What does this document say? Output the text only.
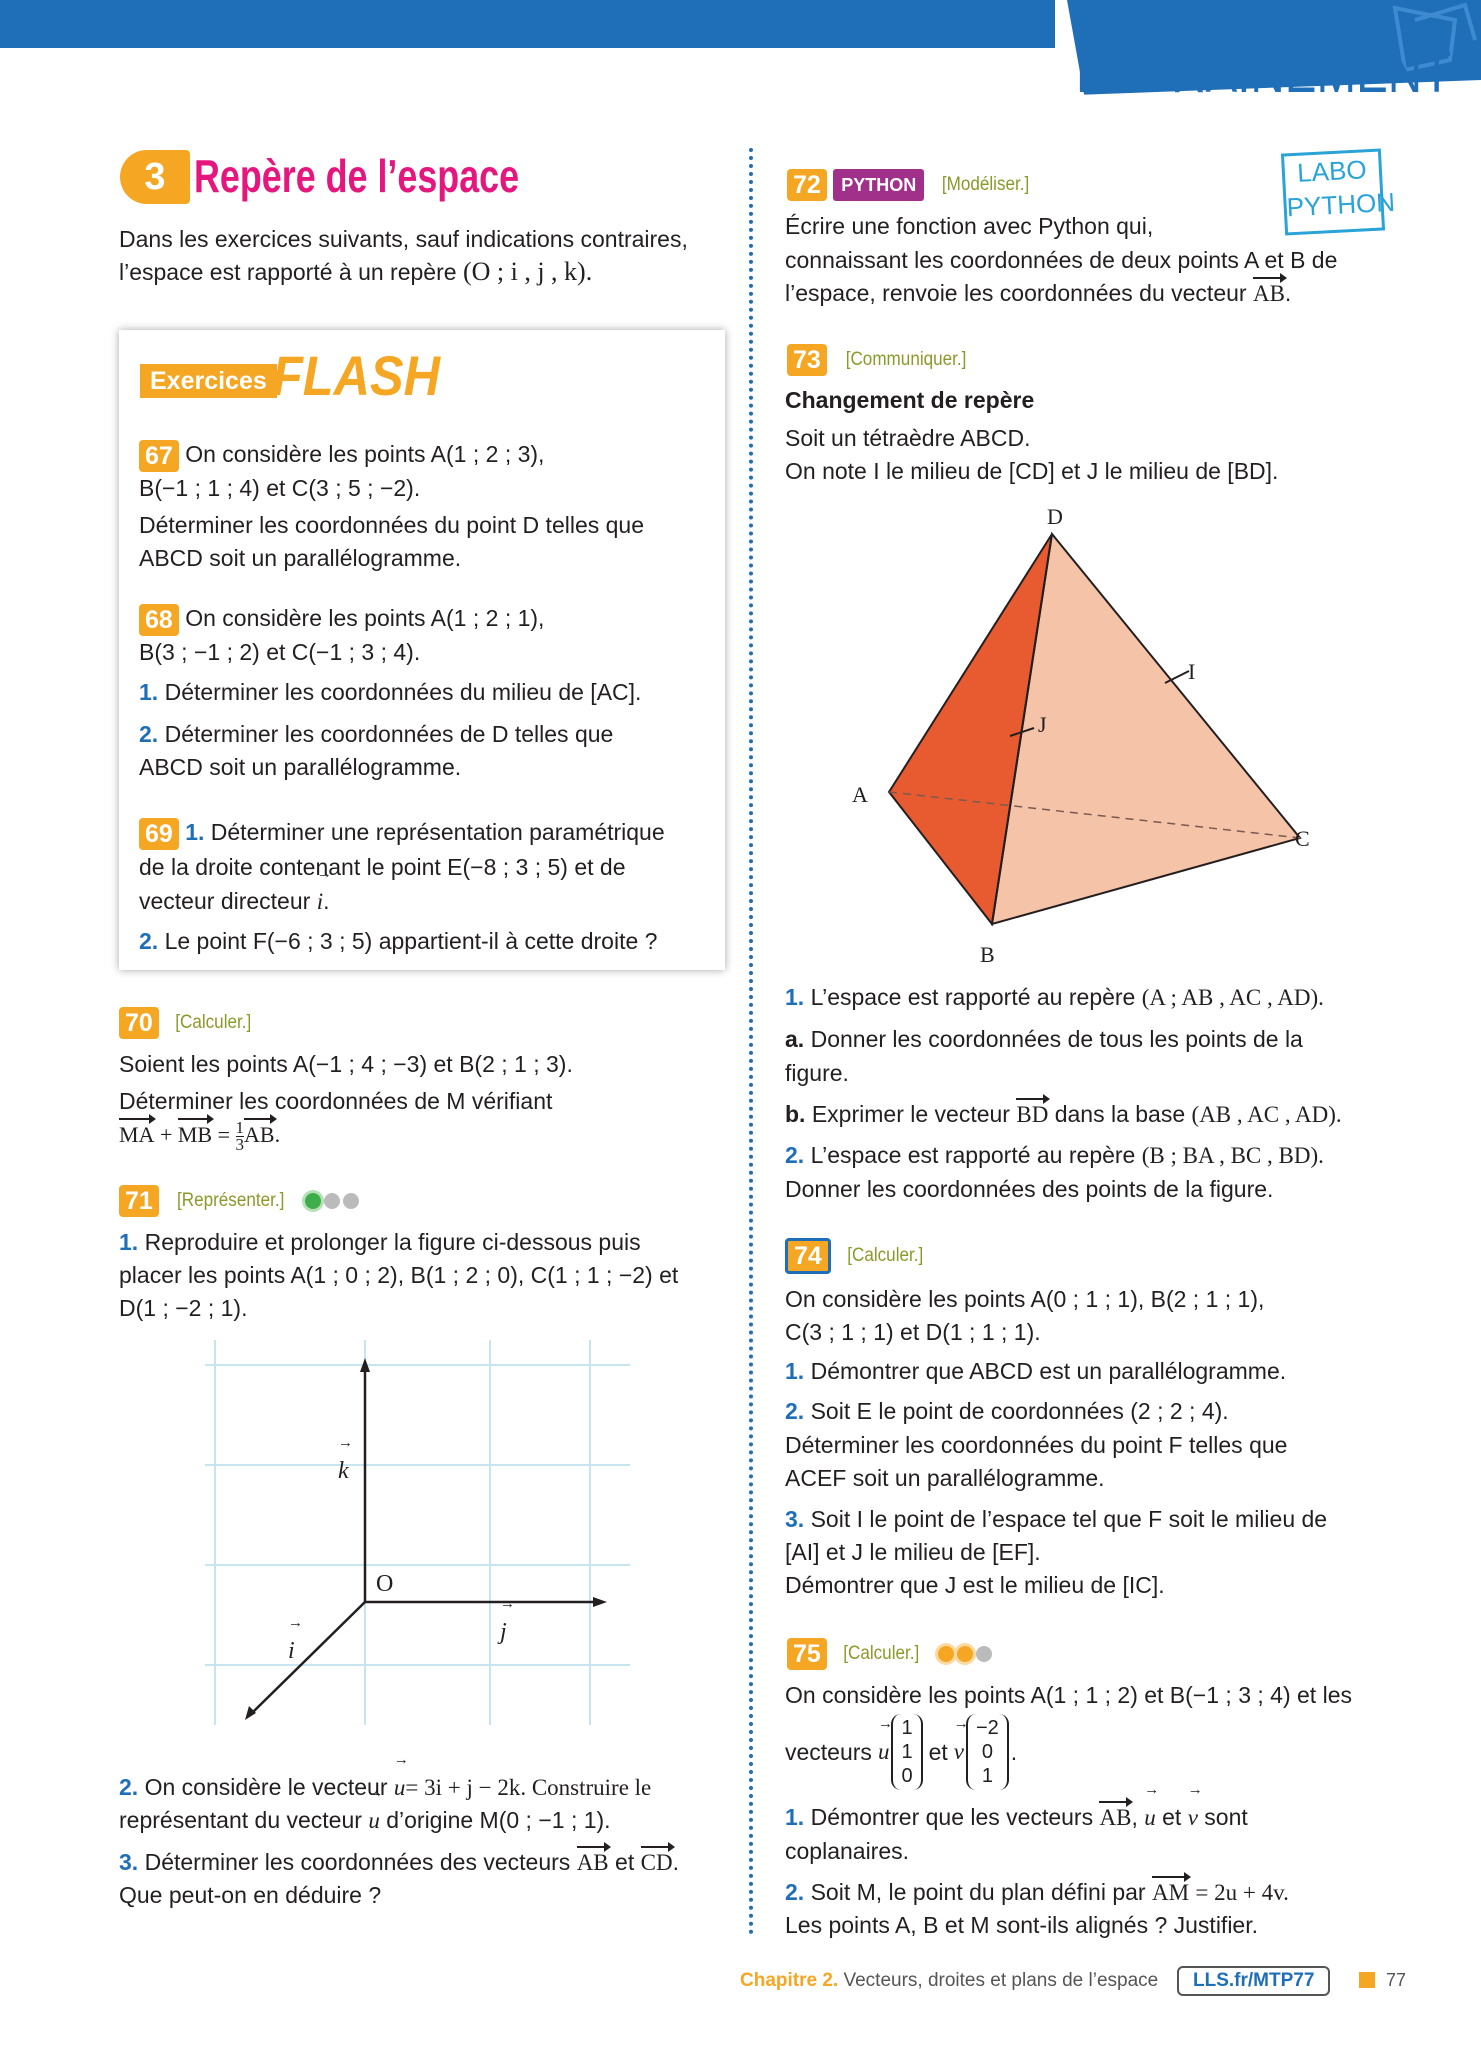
ENTRAÎNEMENT
3 Repère de l’espace
Dans les exercices suivants, sauf indications contraires,
l’espace est rapporté à un repère (O ; i , j , k).
Exercices FLASH
67 On considère les points A(1 ; 2 ; 3),
B(−1 ; 1 ; 4) et C(3 ; 5 ; −2).
Déterminer les coordonnées du point D telles que
ABCD soit un parallélogramme.
68 On considère les points A(1 ; 2 ; 1),
B(3 ; −1 ; 2) et C(−1 ; 3 ; 4).
1. Déterminer les coordonnées du milieu de [AC].
2. Déterminer les coordonnées de D telles que
ABCD soit un parallélogramme.
69 1. Déterminer une représentation paramétrique
de la droite contenant le point E(−8 ; 3 ; 5) et de
vecteur directeur → i.
2. Le point F(−6 ; 3 ; 5) appartient-il à cette droite ?
70 [Calculer.]
Soient les points A(−1 ; 4 ; −3) et B(2 ; 1 ; 3).
Déterminer les coordonnées de M vérifiant
MA + MB = $\frac{1}{3}$ AB.
71 [Représenter.]
1. Reproduire et prolonger la figure ci-dessous puis
placer les points A(1 ; 0 ; 2), B(1 ; 2 ; 0), C(1 ; 1 ; −2) et
D(1 ; −2 ; 1).
→ k
O
→ i
→ j
2. On considère le vecteur → u= 3i + j − 2k. Construire le
représentant du vecteur → u d’origine M(0 ; −1 ; 1).
3. Déterminer les coordonnées des vecteurs AB et CD.
Que peut-on en déduire ?
72 PYTHON [Modéliser.]	LABO
PYTHON
Écrire une fonction avec Python qui,
connaissant les coordonnées de deux points A et B de
l’espace, renvoie les coordonnées du vecteur AB.
73 [Communiquer.]
Changement de repère
Soit un tétraèdre ABCD.
On note I le milieu de [CD] et J le milieu de [BD].
D
I
J
A
C
B
1. L’espace est rapporté au repère (A ; AB , AC , AD).
a. Donner les coordonnées de tous les points de la
figure.
b. Exprimer le vecteur BD dans la base (AB , AC , AD).
2. L’espace est rapporté au repère (B ; BA , BC , BD).
Donner les coordonnées des points de la figure.
74 [Calculer.]
On considère les points A(0 ; 1 ; 1), B(2 ; 1 ; 1),
C(3 ; 1 ; 1) et D(1 ; 1 ; 1).
1. Démontrer que ABCD est un parallélogramme.
2. Soit E le point de coordonnées (2 ; 2 ; 4).
Déterminer les coordonnées du point F telles que
ACEF soit un parallélogramme.
3. Soit I le point de l’espace tel que F soit le milieu de
[AI] et J le milieu de [EF].
Démontrer que J est le milieu de [IC].
75 [Calculer.]
On considère les points A(1 ; 1 ; 2) et B(−1 ; 3 ; 4) et les
vecteurs → u
1
1
0
et → v
−2
0
1
.
1. Démontrer que les vecteurs AB, → u et → v sont
coplanaires.
2. Soit M, le point du plan défini par AM = 2u + 4v.
Les points A, B et M sont-ils alignés ? Justifier.
Chapitre 2. Vecteurs, droites et plans de l’espace	LLS.fr/MTP77	77
